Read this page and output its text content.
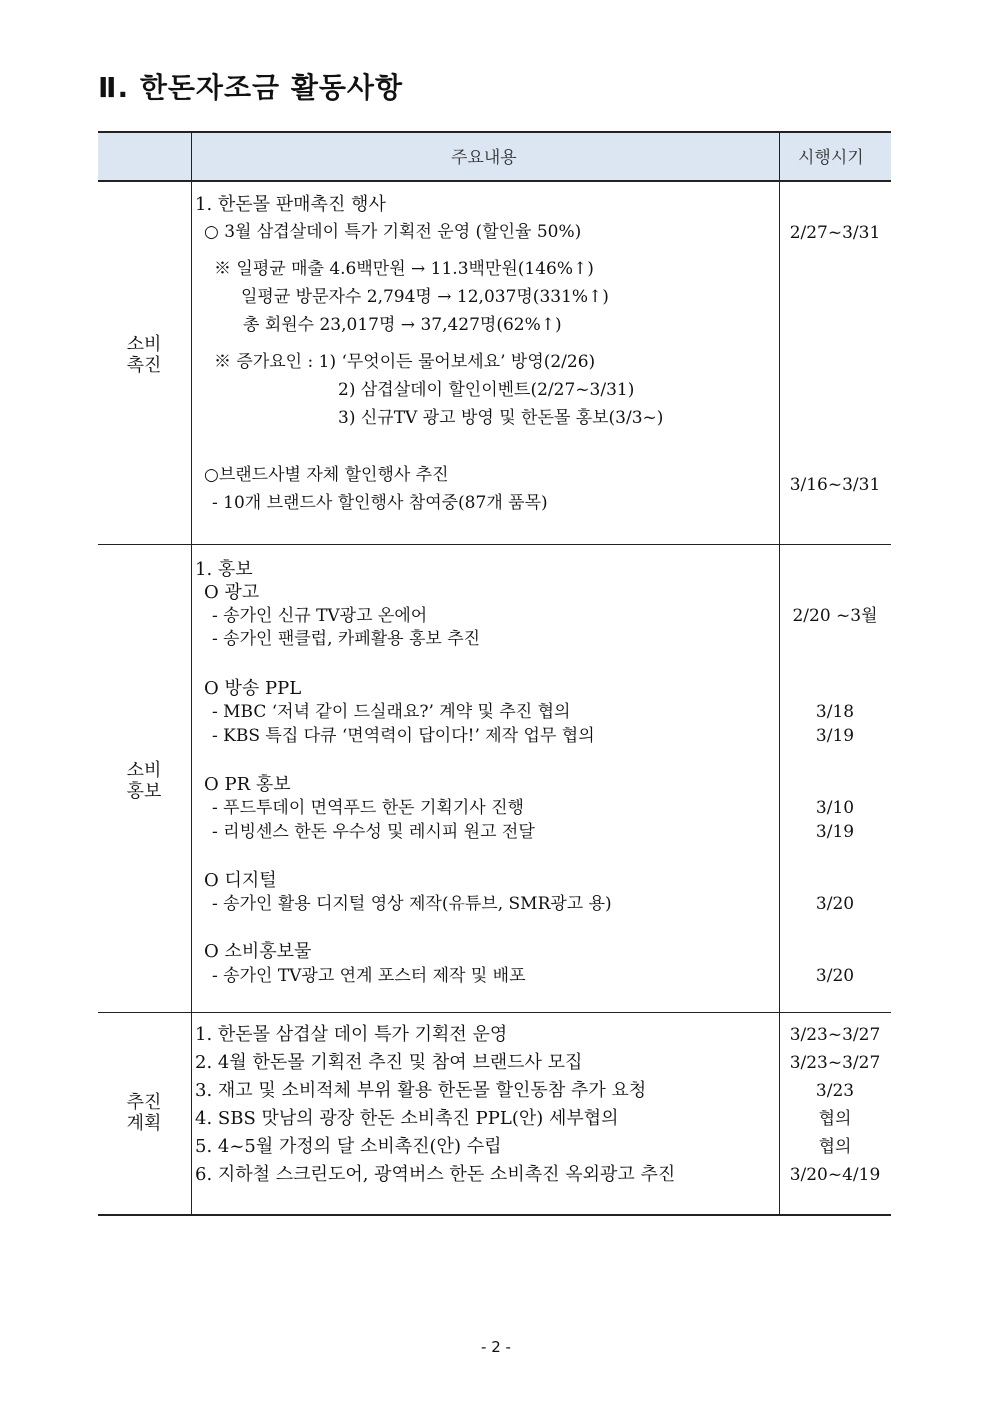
Ⅱ. 한돈자조금 활동사항
주요내용	시행시기
소비
촉진
1. 한돈몰 판매촉진 행사
○ 3월 삼겹살데이 특가 기획전 운영 (할인율 50%)
※ 일평균 매출 4.6백만원 → 11.3백만원(146%↑)
일평균 방문자수 2,794명 → 12,037명(331%↑)
총 회원수 23,017명 → 37,427명(62%↑)
※ 증가요인 : 1) ‘무엇이든 물어보세요’ 방영(2/26)
2) 삼겹살데이 할인이벤트(2/27~3/31)
3) 신규TV 광고 방영 및 한돈몰 홍보(3/3~)
○브랜드사별 자체 할인행사 추진
- 10개 브랜드사 할인행사 참여중(87개 품목)
2/27~3/31
3/16~3/31
소비
홍보
1. 홍보
O 광고
- 송가인 신규 TV광고 온에어
- 송가인 팬클럽, 카페활용 홍보 추진
O 방송 PPL
- MBC ‘저녁 같이 드실래요?’ 계약 및 추진 협의
- KBS 특집 다큐 ‘면역력이 답이다!’ 제작 업무 협의
O PR 홍보
- 푸드투데이 면역푸드 한돈 기획기사 진행
- 리빙센스 한돈 우수성 및 레시피 원고 전달
O 디지털
- 송가인 활용 디지털 영상 제작(유튜브, SMR광고 용)
O 소비홍보물
- 송가인 TV광고 연계 포스터 제작 및 배포
2/20 ~3월
3/18
3/19
3/10
3/19
3/20
3/20
추진
계획
1. 한돈몰 삼겹살 데이 특가 기획전 운영
2. 4월 한돈몰 기획전 추진 및 참여 브랜드사 모집
3. 재고 및 소비적체 부위 활용 한돈몰 할인동참 추가 요청
4. SBS 맛남의 광장 한돈 소비촉진 PPL(안) 세부협의
5. 4~5월 가정의 달 소비촉진(안) 수립
6. 지하철 스크린도어, 광역버스 한돈 소비촉진 옥외광고 추진
3/23~3/27
3/23~3/27
3/23
협의
협의
3/20~4/19
- 2 -
